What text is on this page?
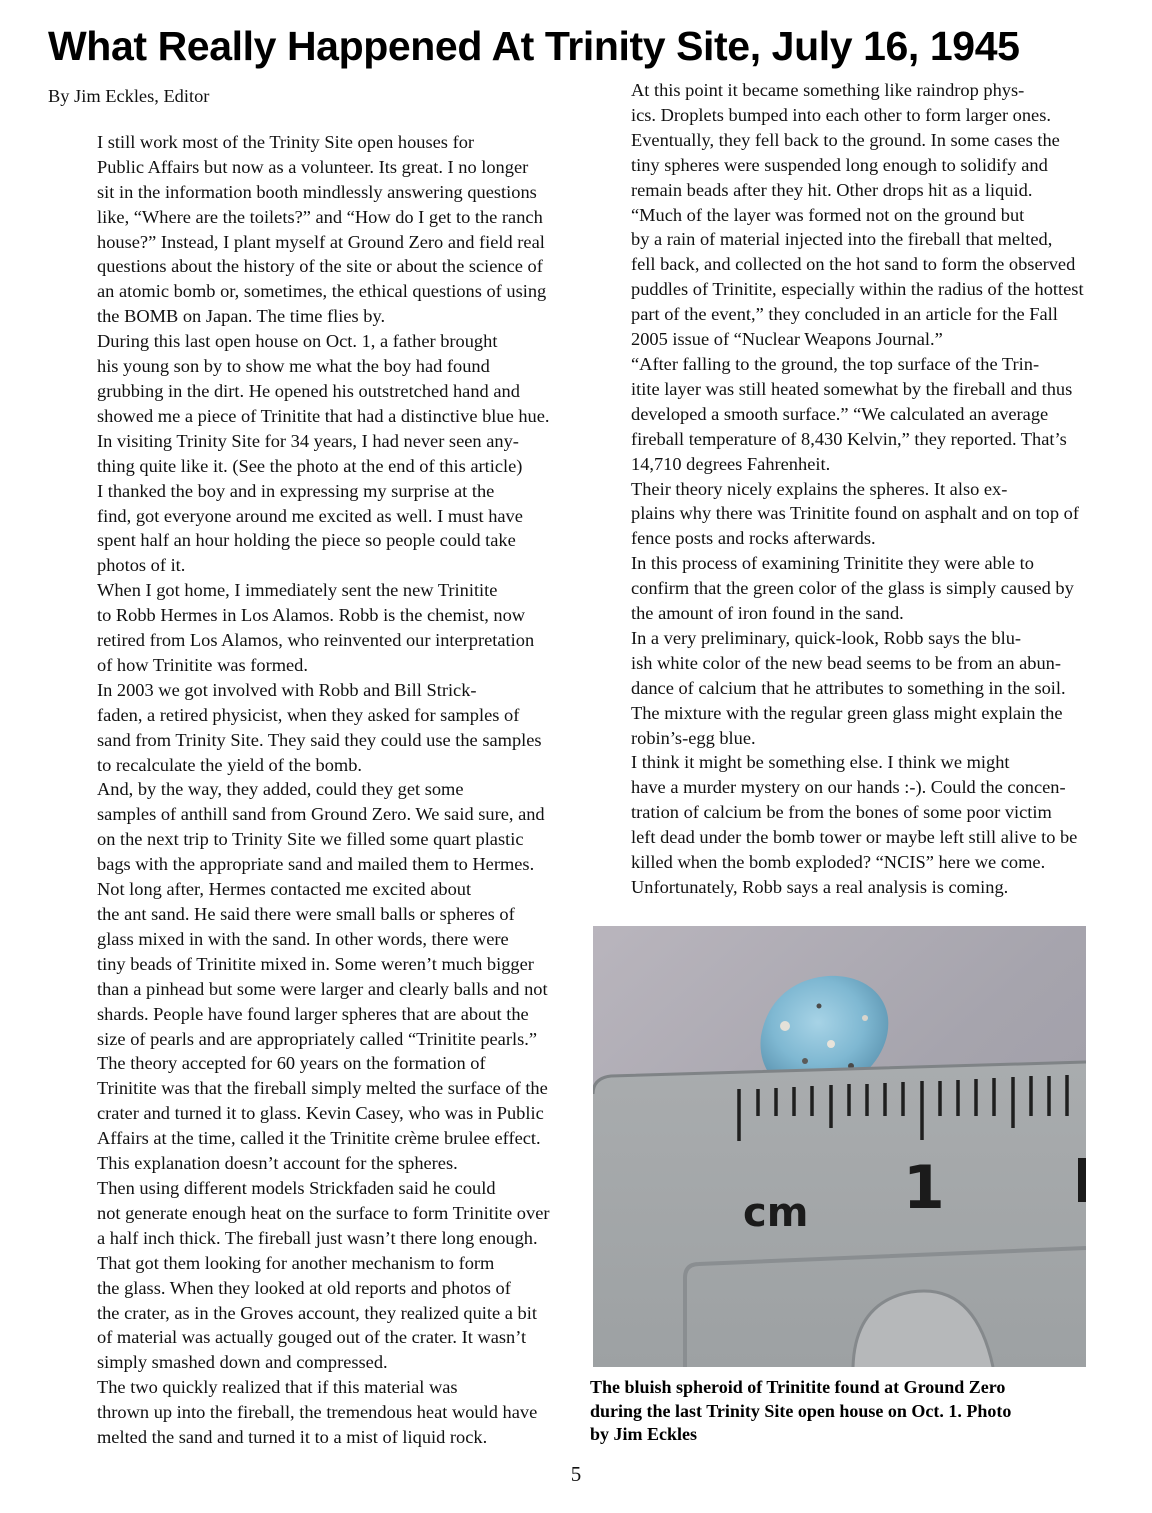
What Really Happened At Trinity Site, July 16, 1945

By Jim Eckles, Editor

I still work most of the Trinity Site open houses for
Public Affairs but now as a volunteer. Its great. I no longer
sit in the information booth mindlessly answering questions
like, “Where are the toilets?” and “How do I get to the ranch
house?” Instead, I plant myself at Ground Zero and field real
questions about the history of the site or about the science of
an atomic bomb or, sometimes, the ethical questions of using
the BOMB on Japan. The time flies by.

During this last open house on Oct. 1, a father brought
his young son by to show me what the boy had found
grubbing in the dirt. He opened his outstretched hand and
showed me a piece of Trinitite that had a distinctive blue hue.
In visiting Trinity Site for 34 years, I had never seen any-
thing quite like it. (See the photo at the end of this article)

I thanked the boy and in expressing my surprise at the
find, got everyone around me excited as well. I must have
spent half an hour holding the piece so people could take
photos of it.

When I got home, I immediately sent the new Trinitite
to Robb Hermes in Los Alamos. Robb is the chemist, now
retired from Los Alamos, who reinvented our interpretation
of how Trinitite was formed.

In 2003 we got involved with Robb and Bill Strick-
faden, a retired physicist, when they asked for samples of
sand from Trinity Site. They said they could use the samples
to recalculate the yield of the bomb.

And, by the way, they added, could they get some
samples of anthill sand from Ground Zero. We said sure, and
on the next trip to Trinity Site we filled some quart plastic
bags with the appropriate sand and mailed them to Hermes.

Not long after, Hermes contacted me excited about
the ant sand. He said there were small balls or spheres of
glass mixed in with the sand. In other words, there were
tiny beads of Trinitite mixed in. Some weren’t much bigger
than a pinhead but some were larger and clearly balls and not
shards. People have found larger spheres that are about the
size of pearls and are appropriately called “Trinitite pearls.”

The theory accepted for 60 years on the formation of
Trinitite was that the fireball simply melted the surface of the
crater and turned it to glass. Kevin Casey, who was in Public
Affairs at the time, called it the Trinitite crème brulee effect.

This explanation doesn’t account for the spheres.

Then using different models Strickfaden said he could
not generate enough heat on the surface to form Trinitite over
a half inch thick. The fireball just wasn’t there long enough.

That got them looking for another mechanism to form
the glass. When they looked at old reports and photos of
the crater, as in the Groves account, they realized quite a bit
of material was actually gouged out of the crater. It wasn’t
simply smashed down and compressed.

The two quickly realized that if this material was
thrown up into the fireball, the tremendous heat would have
melted the sand and turned it to a mist of liquid rock.

At this point it became something like raindrop phys-
ics. Droplets bumped into each other to form larger ones.
Eventually, they fell back to the ground. In some cases the
tiny spheres were suspended long enough to solidify and
remain beads after they hit. Other drops hit as a liquid.

“Much of the layer was formed not on the ground but
by a rain of material injected into the fireball that melted,
fell back, and collected on the hot sand to form the observed
puddles of Trinitite, especially within the radius of the hottest
part of the event,” they concluded in an article for the Fall
2005 issue of “Nuclear Weapons Journal.”

“After falling to the ground, the top surface of the Trin-
itite layer was still heated somewhat by the fireball and thus
developed a smooth surface.” “We calculated an average
fireball temperature of 8,430 Kelvin,” they reported. That’s
14,710 degrees Fahrenheit.

Their theory nicely explains the spheres. It also ex-
plains why there was Trinitite found on asphalt and on top of
fence posts and rocks afterwards.

In this process of examining Trinitite they were able to
confirm that the green color of the glass is simply caused by
the amount of iron found in the sand.

In a very preliminary, quick-look, Robb says the blu-
ish white color of the new bead seems to be from an abun-
dance of calcium that he attributes to something in the soil.
The mixture with the regular green glass might explain the
robin’s-egg blue.

I think it might be something else. I think we might
have a murder mystery on our hands :-). Could the concen-
tration of calcium be from the bones of some poor victim
left dead under the bomb tower or maybe left still alive to be
killed when the bomb exploded? “NCIS” here we come.

Unfortunately, Robb says a real analysis is coming.

1
cm

The bluish spheroid of Trinitite found at Ground Zero
during the last Trinity Site open house on Oct. 1. Photo
by Jim Eckles

5
